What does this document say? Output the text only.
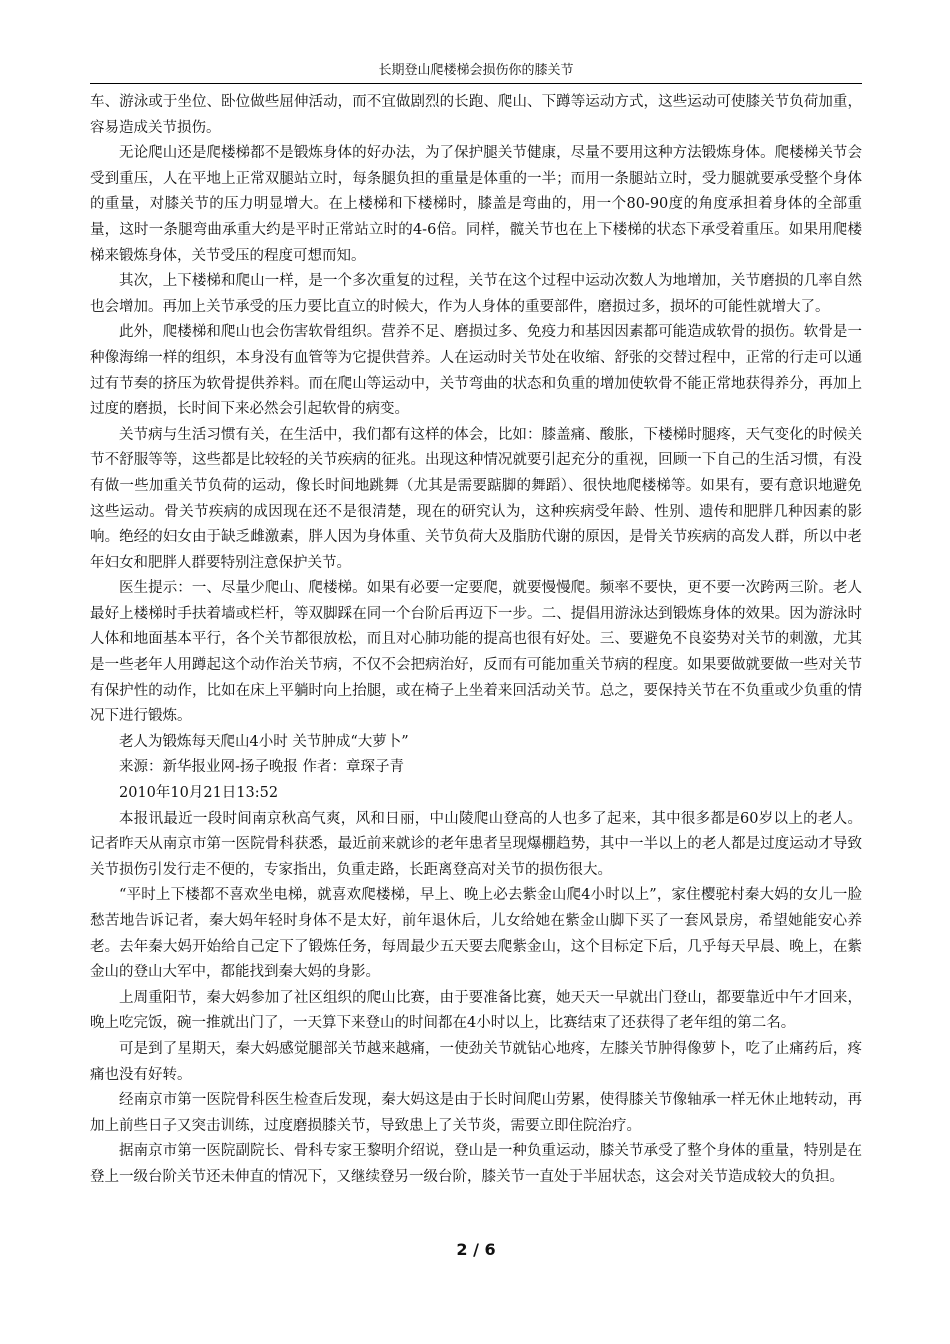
长期登山爬楼梯会损伤你的膝关节

车、游泳或于坐位、卧位做些屈伸活动，而不宜做剧烈的长跑、爬山、下蹲等运动方式，这些运动可使膝关节负荷加重，容易造成关节损伤。

无论爬山还是爬楼梯都不是锻炼身体的好办法，为了保护腿关节健康，尽量不要用这种方法锻炼身体。爬楼梯关节会受到重压，人在平地上正常双腿站立时，每条腿负担的重量是体重的一半；而用一条腿站立时，受力腿就要承受整个身体的重量，对膝关节的压力明显增大。在上楼梯和下楼梯时，膝盖是弯曲的，用一个80-90度的角度承担着身体的全部重量，这时一条腿弯曲承重大约是平时正常站立时的4-6倍。同样，髋关节也在上下楼梯的状态下承受着重压。如果用爬楼梯来锻炼身体，关节受压的程度可想而知。

其次，上下楼梯和爬山一样，是一个多次重复的过程，关节在这个过程中运动次数人为地增加，关节磨损的几率自然也会增加。再加上关节承受的压力要比直立的时候大，作为人身体的重要部件，磨损过多，损坏的可能性就增大了。

此外，爬楼梯和爬山也会伤害软骨组织。营养不足、磨损过多、免疫力和基因因素都可能造成软骨的损伤。软骨是一种像海绵一样的组织，本身没有血管等为它提供营养。人在运动时关节处在收缩、舒张的交替过程中，正常的行走可以通过有节奏的挤压为软骨提供养料。而在爬山等运动中，关节弯曲的状态和负重的增加使软骨不能正常地获得养分，再加上过度的磨损，长时间下来必然会引起软骨的病变。

关节病与生活习惯有关，在生活中，我们都有这样的体会，比如：膝盖痛、酸胀，下楼梯时腿疼，天气变化的时候关节不舒服等等，这些都是比较轻的关节疾病的征兆。出现这种情况就要引起充分的重视，回顾一下自己的生活习惯，有没有做一些加重关节负荷的运动，像长时间地跳舞（尤其是需要踮脚的舞蹈）、很快地爬楼梯等。如果有，要有意识地避免这些运动。骨关节疾病的成因现在还不是很清楚，现在的研究认为，这种疾病受年龄、性别、遗传和肥胖几种因素的影响。绝经的妇女由于缺乏雌激素，胖人因为身体重、关节负荷大及脂肪代谢的原因，是骨关节疾病的高发人群，所以中老年妇女和肥胖人群要特别注意保护关节。

医生提示：一、尽量少爬山、爬楼梯。如果有必要一定要爬，就要慢慢爬。频率不要快，更不要一次跨两三阶。老人最好上楼梯时手扶着墙或栏杆，等双脚踩在同一个台阶后再迈下一步。二、提倡用游泳达到锻炼身体的效果。因为游泳时人体和地面基本平行，各个关节都很放松，而且对心肺功能的提高也很有好处。三、要避免不良姿势对关节的刺激，尤其是一些老年人用蹲起这个动作治关节病，不仅不会把病治好，反而有可能加重关节病的程度。如果要做就要做一些对关节有保护性的动作，比如在床上平躺时向上抬腿，或在椅子上坐着来回活动关节。总之，要保持关节在不负重或少负重的情况下进行锻炼。

老人为锻炼每天爬山4小时 关节肿成“大萝卜”

来源：新华报业网-扬子晚报 作者：章琛子青

2010年10月21日13:52

本报讯最近一段时间南京秋高气爽，风和日丽，中山陵爬山登高的人也多了起来，其中很多都是60岁以上的老人。记者昨天从南京市第一医院骨科获悉，最近前来就诊的老年患者呈现爆棚趋势，其中一半以上的老人都是过度运动才导致关节损伤引发行走不便的，专家指出，负重走路，长距离登高对关节的损伤很大。

“平时上下楼都不喜欢坐电梯，就喜欢爬楼梯，早上、晚上必去紫金山爬4小时以上”，家住樱驼村秦大妈的女儿一脸愁苦地告诉记者，秦大妈年轻时身体不是太好，前年退休后，儿女给她在紫金山脚下买了一套风景房，希望她能安心养老。去年秦大妈开始给自己定下了锻炼任务，每周最少五天要去爬紫金山，这个目标定下后，几乎每天早晨、晚上，在紫金山的登山大军中，都能找到秦大妈的身影。

上周重阳节，秦大妈参加了社区组织的爬山比赛，由于要准备比赛，她天天一早就出门登山，都要靠近中午才回来，晚上吃完饭，碗一推就出门了，一天算下来登山的时间都在4小时以上，比赛结束了还获得了老年组的第二名。

可是到了星期天，秦大妈感觉腿部关节越来越痛，一使劲关节就钻心地疼，左膝关节肿得像萝卜，吃了止痛药后，疼痛也没有好转。

经南京市第一医院骨科医生检查后发现，秦大妈这是由于长时间爬山劳累，使得膝关节像轴承一样无休止地转动，再加上前些日子又突击训练，过度磨损膝关节，导致患上了关节炎，需要立即住院治疗。

据南京市第一医院副院长、骨科专家王黎明介绍说，登山是一种负重运动，膝关节承受了整个身体的重量，特别是在登上一级台阶关节还未伸直的情况下，又继续登另一级台阶，膝关节一直处于半屈状态，这会对关节造成较大的负担。

2 / 6
